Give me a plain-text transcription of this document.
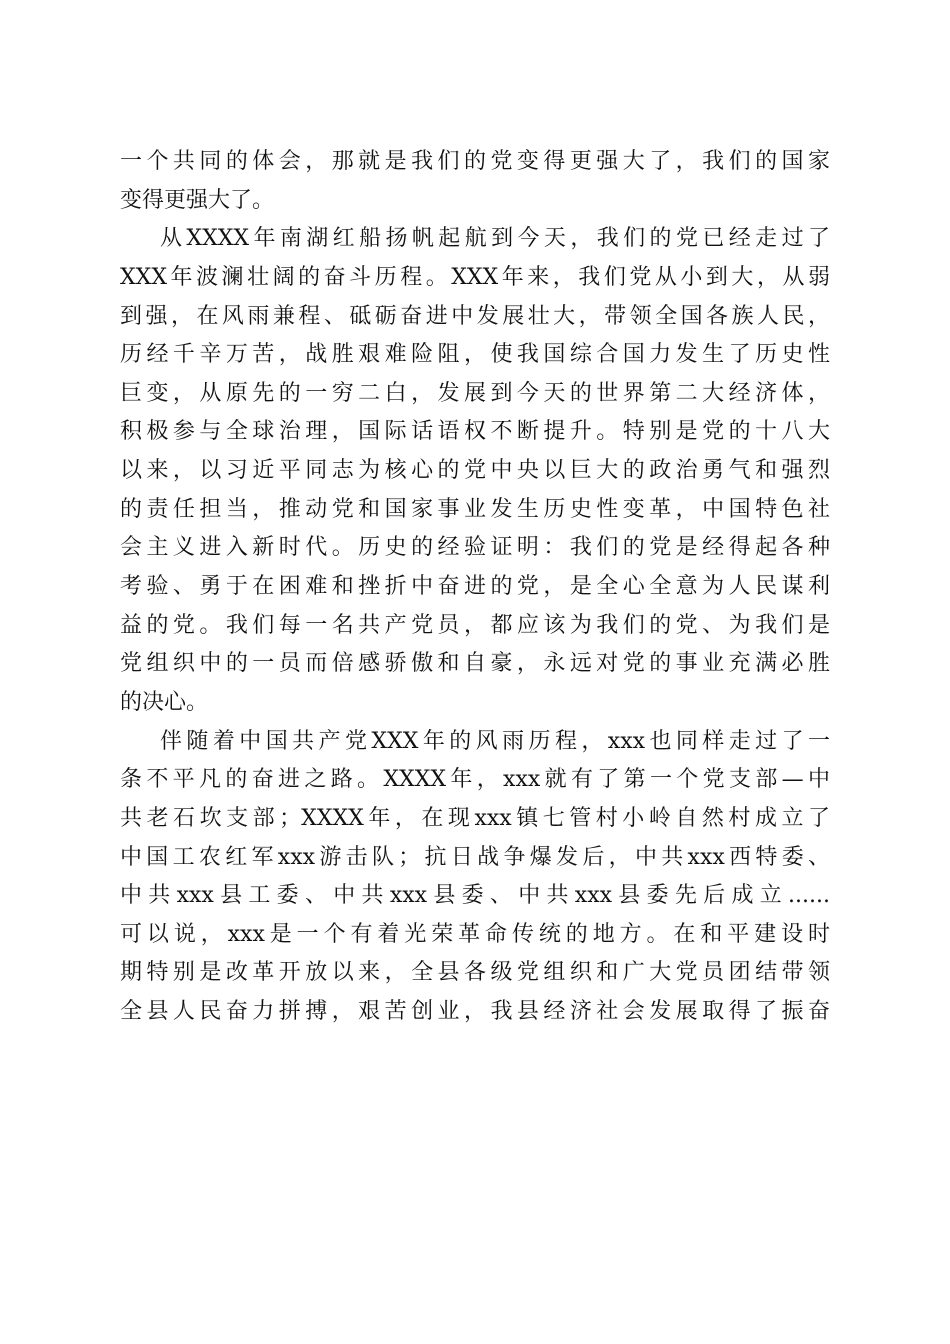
一个共同的体会，那就是我们的党变得更强大了，我们的国家
变得更强大了。
从XXXX年南湖红船扬帆起航到今天，我们的党已经走过了
XXX年波澜壮阔的奋斗历程。XXX年来，我们党从小到大，从弱
到强，在风雨兼程、砥砺奋进中发展壮大，带领全国各族人民，
历经千辛万苦，战胜艰难险阻，使我国综合国力发生了历史性
巨变，从原先的一穷二白，发展到今天的世界第二大经济体，
积极参与全球治理，国际话语权不断提升。特别是党的十八大
以来，以习近平同志为核心的党中央以巨大的政治勇气和强烈
的责任担当，推动党和国家事业发生历史性变革，中国特色社
会主义进入新时代。历史的经验证明：我们的党是经得起各种
考验、勇于在困难和挫折中奋进的党，是全心全意为人民谋利
益的党。我们每一名共产党员，都应该为我们的党、为我们是
党组织中的一员而倍感骄傲和自豪，永远对党的事业充满必胜
的决心。
伴随着中国共产党XXX年的风雨历程，xxx也同样走过了一
条不平凡的奋进之路。XXXX年，xxx就有了第一个党支部—中
共老石坎支部；XXXX年，在现xxx镇七管村小岭自然村成立了
中国工农红军xxx游击队；抗日战争爆发后，中共xxx西特委、
中共xxx县工委、中共xxx县委、中共xxx县委先后成立......
可以说，xxx是一个有着光荣革命传统的地方。在和平建设时
期特别是改革开放以来，全县各级党组织和广大党员团结带领
全县人民奋力拼搏，艰苦创业，我县经济社会发展取得了振奋
